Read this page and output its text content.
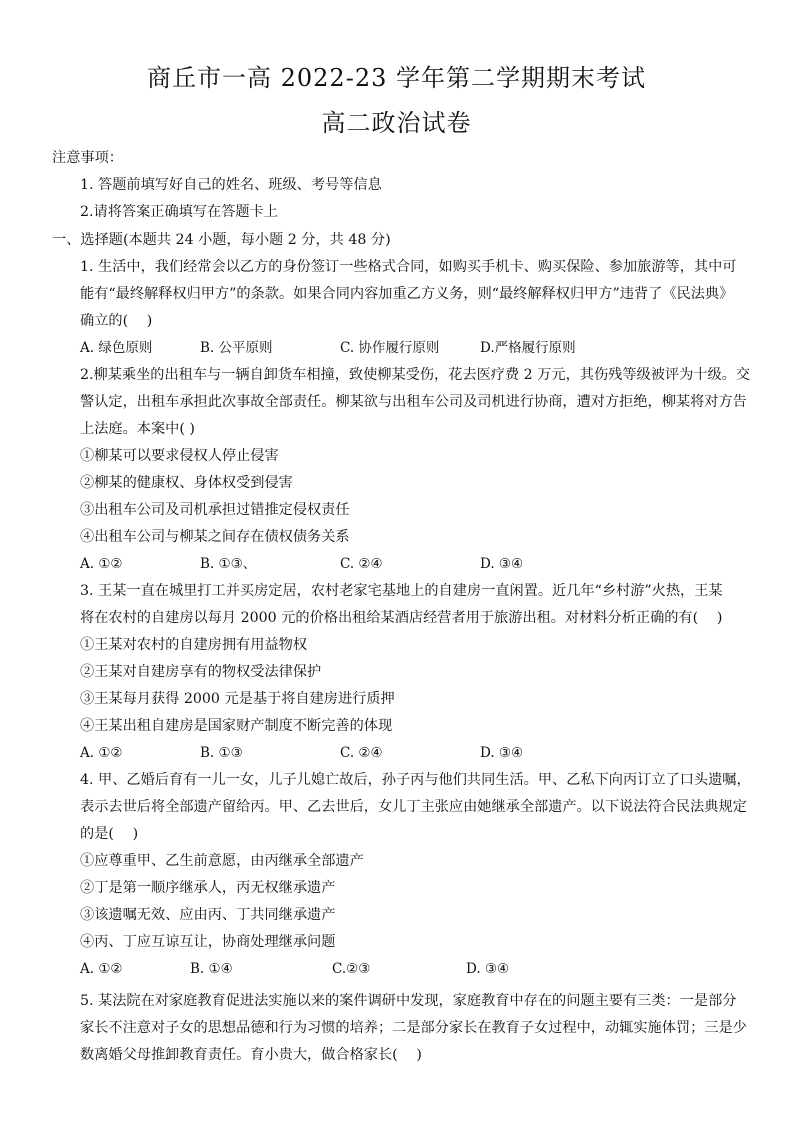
商丘市一高 2022-23 学年第二学期期末考试
高二政治试卷
注意事项：
1. 答题前填写好自己的姓名、班级、考号等信息
2.请将答案正确填写在答题卡上
一、选择题(本题共 24 小题，每小题 2 分，共 48 分)
1. 生活中，我们经常会以乙方的身份签订一些格式合同，如购买手机卡、购买保险、参加旅游等，其中可
能有“最终解释权归甲方”的条款。如果合同内容加重乙方义务，则“最终解释权归甲方”违背了《民法典》
确立的(　 )
A. 绿色原则	B. 公平原则	C. 协作履行原则	D.严格履行原则
2.柳某乘坐的出租车与一辆自卸货车相撞，致使柳某受伤，花去医疗费 2 万元，其伤残等级被评为十级。交
警认定，出租车承担此次事故全部责任。柳某欲与出租车公司及司机进行协商，遭对方拒绝，柳某将对方告
上法庭。本案中( )
①柳某可以要求侵权人停止侵害
②柳某的健康权、身体权受到侵害
③出租车公司及司机承担过错推定侵权责任
④出租车公司与柳某之间存在债权债务关系
A. ①②	B. ①③、	C. ②④	D. ③④
3. 王某一直在城里打工并买房定居，农村老家宅基地上的自建房一直闲置。近几年“乡村游”火热，王某
将在农村的自建房以每月 2000 元的价格出租给某酒店经营者用于旅游出租。对材料分析正确的有(　 )
①王某对农村的自建房拥有用益物权
②王某对自建房享有的物权受法律保护
③王某每月获得 2000 元是基于将自建房进行质押
④王某出租自建房是国家财产制度不断完善的体现
A. ①②	B. ①③	C. ②④	D. ③④
4. 甲、乙婚后育有一儿一女，儿子儿媳亡故后，孙子丙与他们共同生活。甲、乙私下向丙订立了口头遗嘱，
表示去世后将全部遗产留给丙。甲、乙去世后，女儿丁主张应由她继承全部遗产。以下说法符合民法典规定
的是(　 )
①应尊重甲、乙生前意愿，由丙继承全部遗产
②丁是第一顺序继承人，丙无权继承遗产
③该遗嘱无效、应由丙、丁共同继承遗产
④丙、丁应互谅互让，协商处理继承问题
A. ①②	B. ①④	C.②③	D. ③④
5. 某法院在对家庭教育促进法实施以来的案件调研中发现，家庭教育中存在的问题主要有三类：一是部分
家长不注意对子女的思想品德和行为习惯的培养；二是部分家长在教育子女过程中，动辄实施体罚；三是少
数离婚父母推卸教育责任。育小贵大，做合格家长(　 )
